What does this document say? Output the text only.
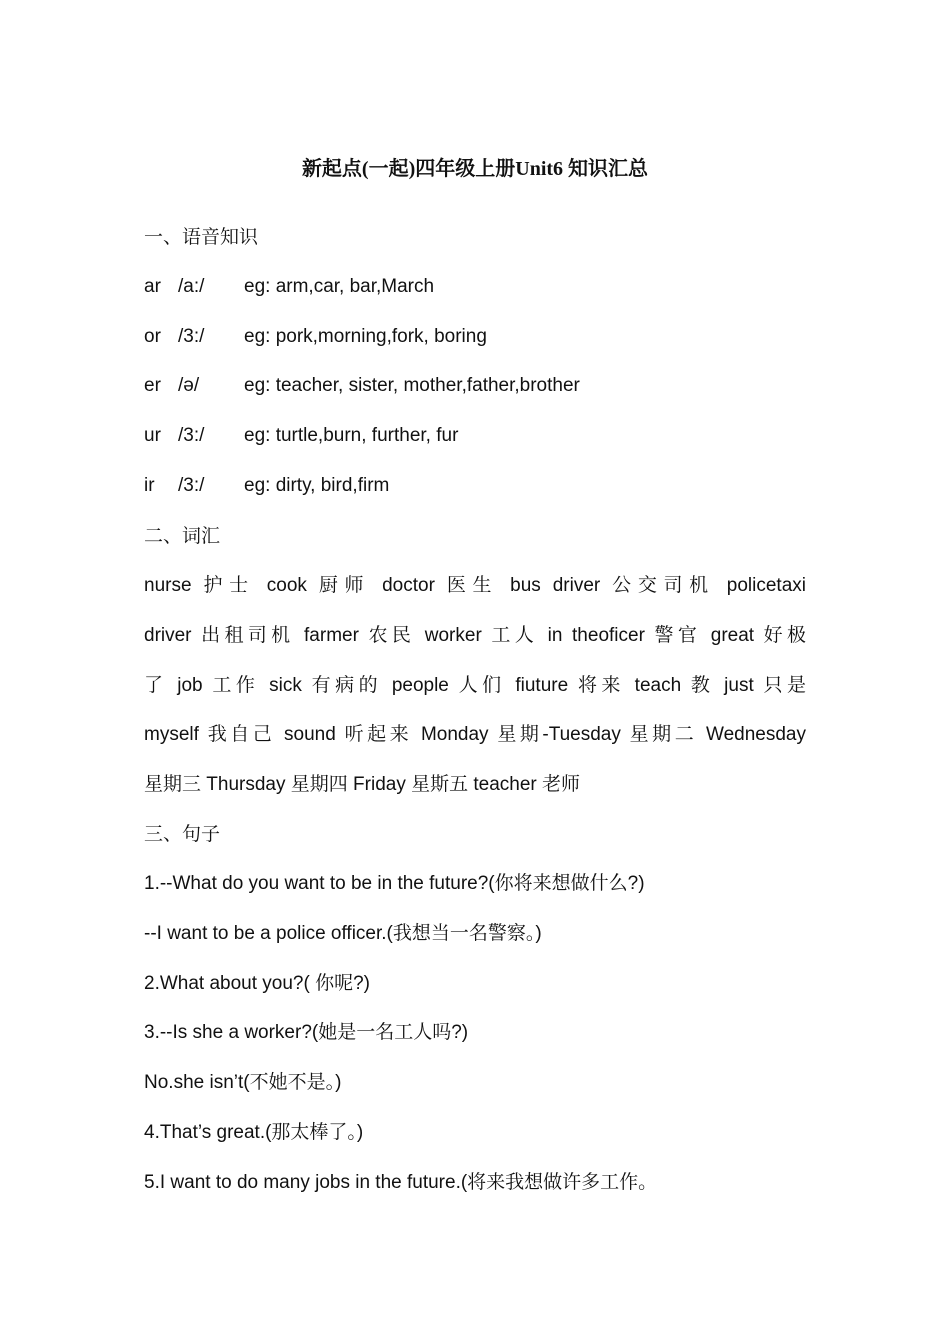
新起点(一起)四年级上册Unit6 知识汇总
一、语音知识
ar /a:/ eg: arm,car, bar,March
or /3:/ eg: pork,morning,fork, boring
er /ə/ eg: teacher, sister, mother,father,brother
ur /3:/ eg: turtle,burn, further, fur
ir /3:/ eg: dirty, bird,firm
二、词汇
nurse 护士 cook 厨师 doctor 医生 bus driver 公交司机 policetaxi
driver 出租司机 farmer 农民 worker 工人 in theoficer 警官 great 好极
了 job 工作 sick 有病的 people 人们 fiuture 将来 teach 教 just 只是
myself 我自己 sound 听起来 Monday 星期-Tuesday 星期二 Wednesday
星期三 Thursday 星期四 Friday 星斯五 teacher 老师
三、句子
1.--What do you want to be in the future?(你将来想做什么?)
--I want to be a police officer.(我想当一名警察。)
2.What about you?( 你呢?)
3.--Is she a worker?(她是一名工人吗?)
No.she isn’t(不她不是。)
4.That’s great.(那太棒了。)
5.I want to do many jobs in the future.(将来我想做许多工作。
